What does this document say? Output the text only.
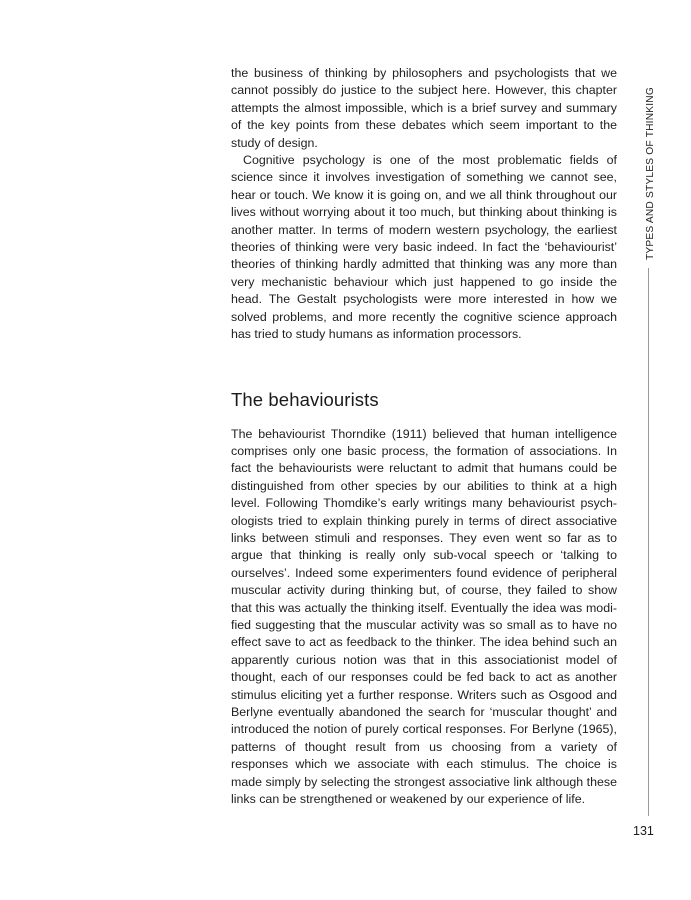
the business of thinking by philosophers and psychologists that we cannot possibly do justice to the subject here. However, this chapter attempts the almost impossible, which is a brief survey and summary of the key points from these debates which seem important to the study of design.

Cognitive psychology is one of the most problematic fields of science since it involves investigation of something we cannot see, hear or touch. We know it is going on, and we all think throughout our lives without worrying about it too much, but thinking about thinking is another matter. In terms of modern western psychology, the earliest theories of thinking were very basic indeed. In fact the ‘behaviourist’ theories of thinking hardly admitted that thinking was any more than very mechanistic behaviour which just happened to go inside the head. The Gestalt psychologists were more interested in how we solved problems, and more recently the cognitive science approach has tried to study humans as information processors.

The behaviourists

The behaviourist Thorndike (1911) believed that human intelligence comprises only one basic process, the formation of associations. In fact the behaviourists were reluctant to admit that humans could be distinguished from other species by our abilities to think at a high level. Following Thomdike’s early writings many behaviourist psychologists tried to explain thinking purely in terms of direct associative links between stimuli and responses. They even went so far as to argue that thinking is really only sub-vocal speech or ‘talking to ourselves’. Indeed some experimenters found evidence of peripheral muscular activity during thinking but, of course, they failed to show that this was actually the thinking itself. Eventually the idea was modified suggesting that the muscular activity was so small as to have no effect save to act as feedback to the thinker. The idea behind such an apparently curious notion was that in this associationist model of thought, each of our responses could be fed back to act as another stimulus eliciting yet a further response. Writers such as Osgood and Berlyne eventually abandoned the search for ‘muscular thought’ and introduced the notion of purely cortical responses. For Berlyne (1965), patterns of thought result from us choosing from a variety of responses which we associate with each stimulus. The choice is made simply by selecting the strongest associative link although these links can be strengthened or weakened by our experience of life.

TYPES AND STYLES OF THINKING
131
